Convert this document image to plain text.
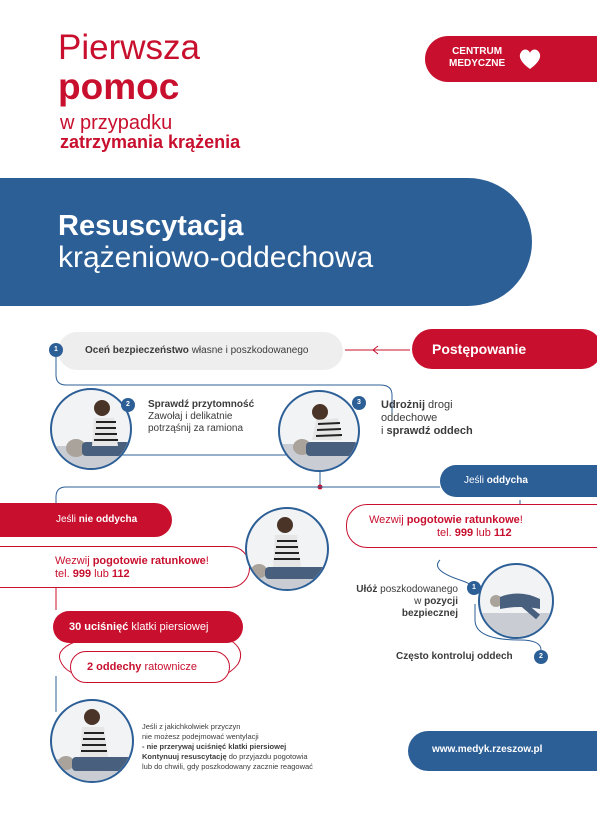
Pierwsza
pomoc
w przypadku
zatrzymania krążenia
CENTRUM
MEDYCZNE
Resuscytacja
krążeniowo-oddechowa
Oceń bezpieczeństwo własne i poszkodowanego
1	Postępowanie
2	Sprawdź przytomność
Zawołaj i delikatnie
potrząśnij za ramiona
3	Udrożnij drogi
oddechowe
i sprawdź oddech
Jeśli oddycha
Jeśli nie oddycha
Wezwij pogotowie ratunkowe!
tel. 999 lub 112
Wezwij pogotowie ratunkowe!
tel. 999 lub 112
30 uciśnięć klatki piersiowej
2 oddechy ratownicze
Ułóż poszkodowanego
w pozycji
bezpiecznej
1
Często kontroluj oddech	2
Jeśli z jakichkolwiek przyczyn
nie możesz podejmować wentylacji
- nie przerywaj uciśnięć klatki piersiowej
Kontynuuj resuscytację do przyjazdu pogotowia
lub do chwili, gdy poszkodowany zacznie reagować
www.medyk.rzeszow.pl
